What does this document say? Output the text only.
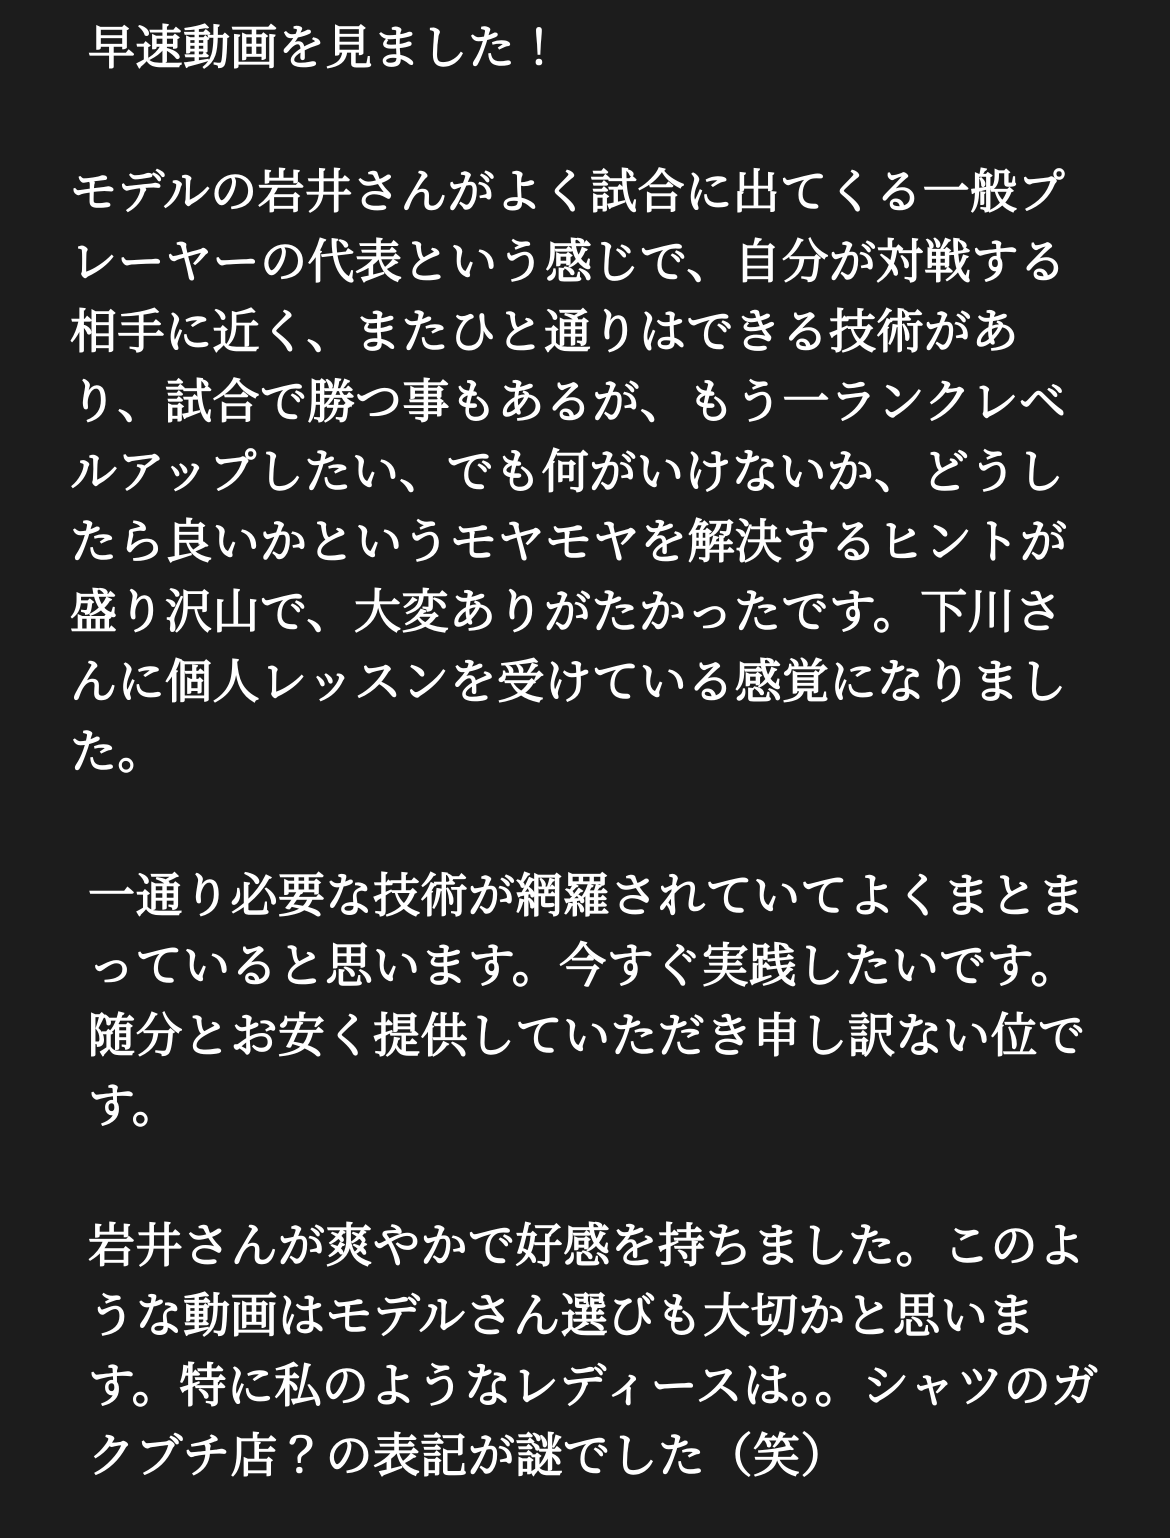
早速動画を見ました！

モデルの岩井さんがよく試合に出てくる一般プレーヤーの代表という感じで、自分が対戦する相手に近く、またひと通りはできる技術があり、試合で勝つ事もあるが、もう一ランクレベルアップしたい、でも何がいけないか、どうしたら良いかというモヤモヤを解決するヒントが盛り沢山で、大変ありがたかったです。下川さんに個人レッスンを受けている感覚になりました。

一通り必要な技術が網羅されていてよくまとまっていると思います。今すぐ実践したいです。随分とお安く提供していただき申し訳ない位です。

岩井さんが爽やかで好感を持ちました。このような動画はモデルさん選びも大切かと思います。特に私のようなレディースは。。シャツのガクブチ店？の表記が謎でした（笑）
